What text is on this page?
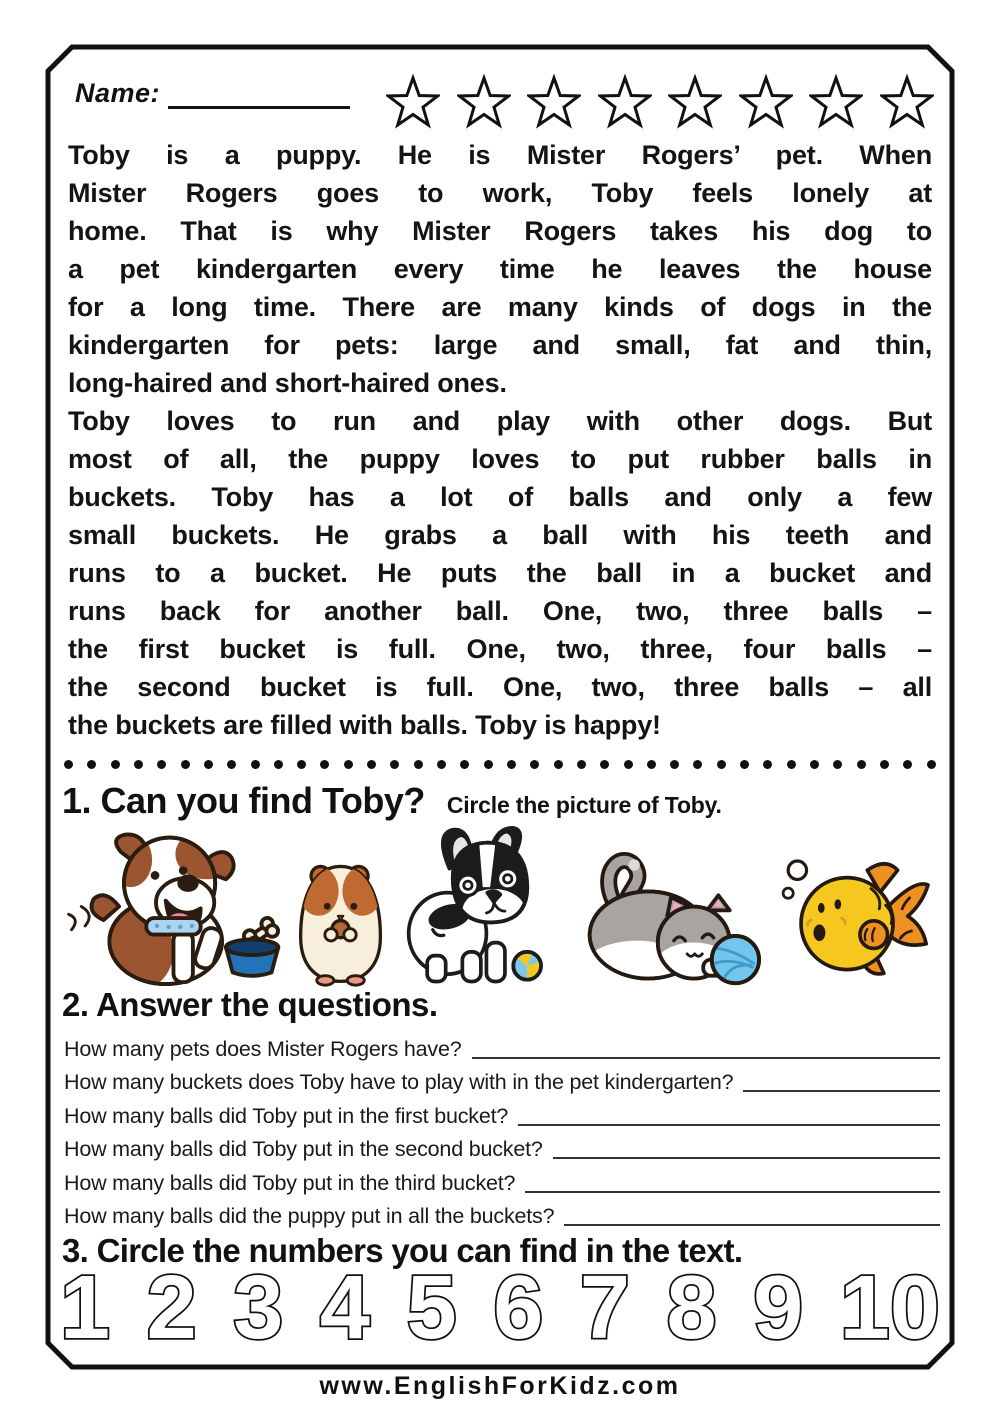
Name:
Toby is a puppy. He is Mister Rogers’ pet. When
Mister Rogers goes to work, Toby feels lonely at
home. That is why Mister Rogers takes his dog to
a pet kindergarten every time he leaves the house
for a long time. There are many kinds of dogs in the
kindergarten for pets: large and small, fat and thin,
long-haired and short-haired ones.
Toby loves to run and play with other dogs. But
most of all, the puppy loves to put rubber balls in
buckets. Toby has a lot of balls and only a few
small buckets. He grabs a ball with his teeth and
runs to a bucket. He puts the ball in a bucket and
runs back for another ball. One, two, three balls –
the first bucket is full. One, two, three, four balls –
the second bucket is full. One, two, three balls – all
the buckets are filled with balls. Toby is happy!
1. Can you find Toby? Circle the picture of Toby.
2. Answer the questions.
How many pets does Mister Rogers have?
How many buckets does Toby have to play with in the pet kindergarten?
How many balls did Toby put in the first bucket?
How many balls did Toby put in the second bucket?
How many balls did Toby put in the third bucket?
How many balls did the puppy put in all the buckets?
3. Circle the numbers you can find in the text.
1 2 3 4 5 6 7 8 9 10
www.EnglishForKidz.com
